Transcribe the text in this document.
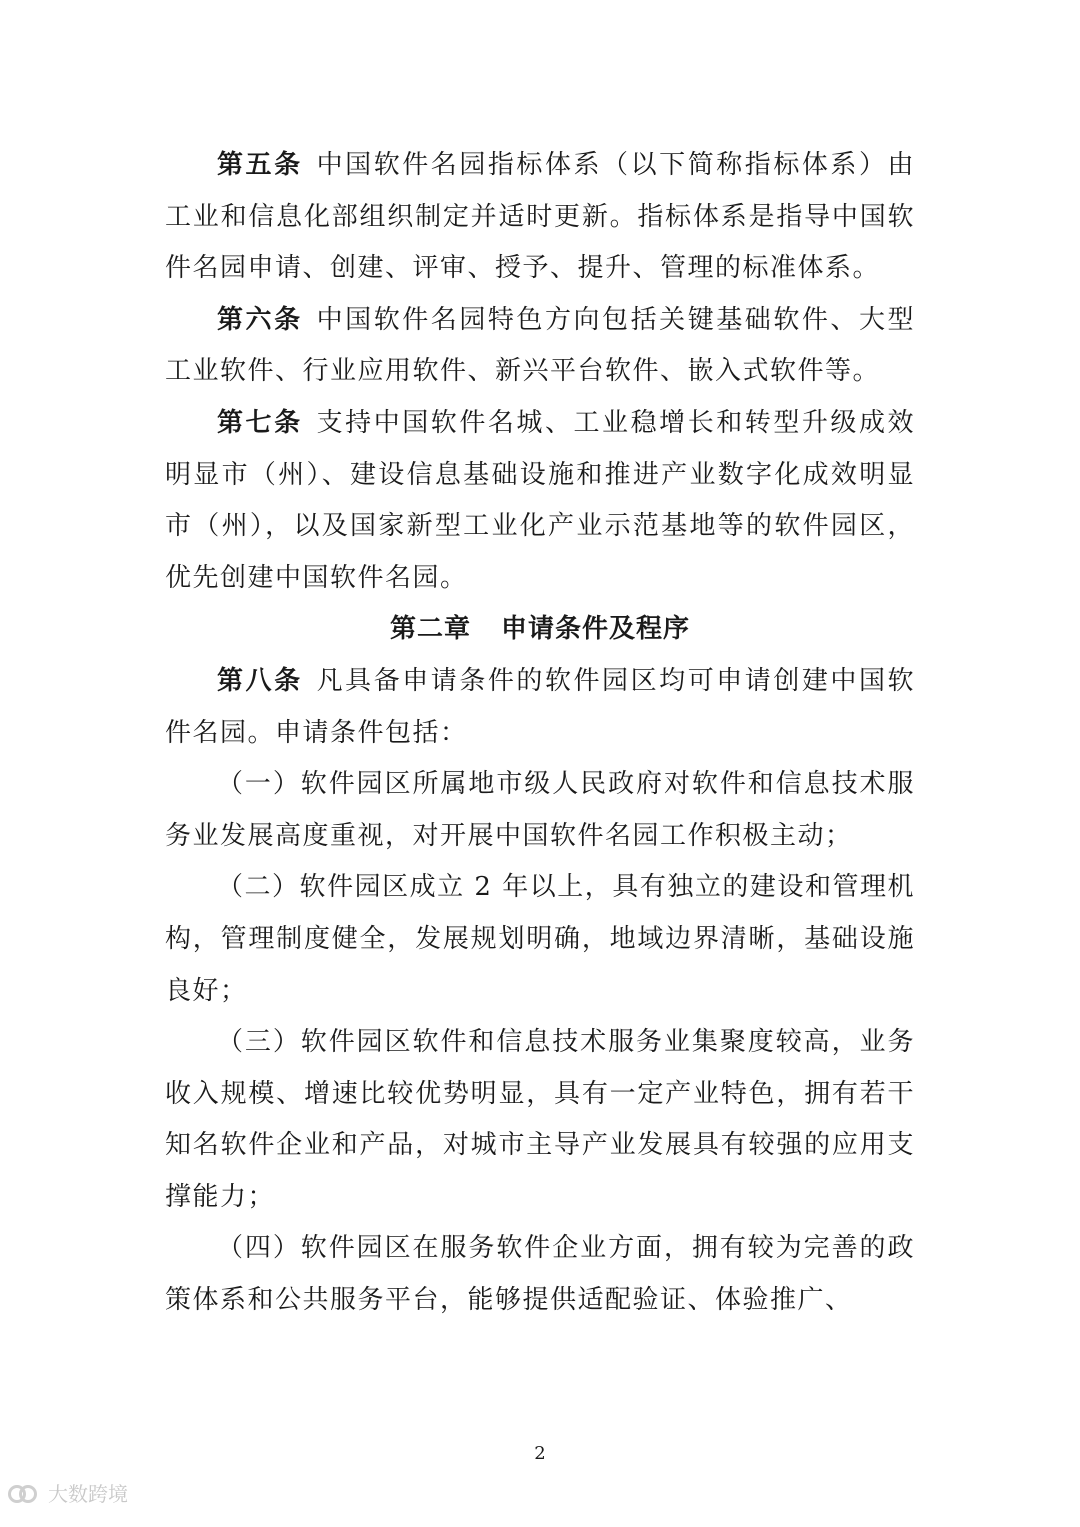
第五条 中国软件名园指标体系（以下简称指标体系）由工业和信息化部组织制定并适时更新。指标体系是指导中国软件名园申请、创建、评审、授予、提升、管理的标准体系。

第六条 中国软件名园特色方向包括关键基础软件、大型工业软件、行业应用软件、新兴平台软件、嵌入式软件等。

第七条 支持中国软件名城、工业稳增长和转型升级成效明显市（州）、建设信息基础设施和推进产业数字化成效明显市（州），以及国家新型工业化产业示范基地等的软件园区，优先创建中国软件名园。

第二章 申请条件及程序

第八条 凡具备申请条件的软件园区均可申请创建中国软件名园。申请条件包括：

（一）软件园区所属地市级人民政府对软件和信息技术服务业发展高度重视，对开展中国软件名园工作积极主动；

（二）软件园区成立 2 年以上，具有独立的建设和管理机构，管理制度健全，发展规划明确，地域边界清晰，基础设施良好；

（三）软件园区软件和信息技术服务业集聚度较高，业务收入规模、增速比较优势明显，具有一定产业特色，拥有若干知名软件企业和产品，对城市主导产业发展具有较强的应用支撑能力；

（四）软件园区在服务软件企业方面，拥有较为完善的政策体系和公共服务平台，能够提供适配验证、体验推广、

2
大数跨境
